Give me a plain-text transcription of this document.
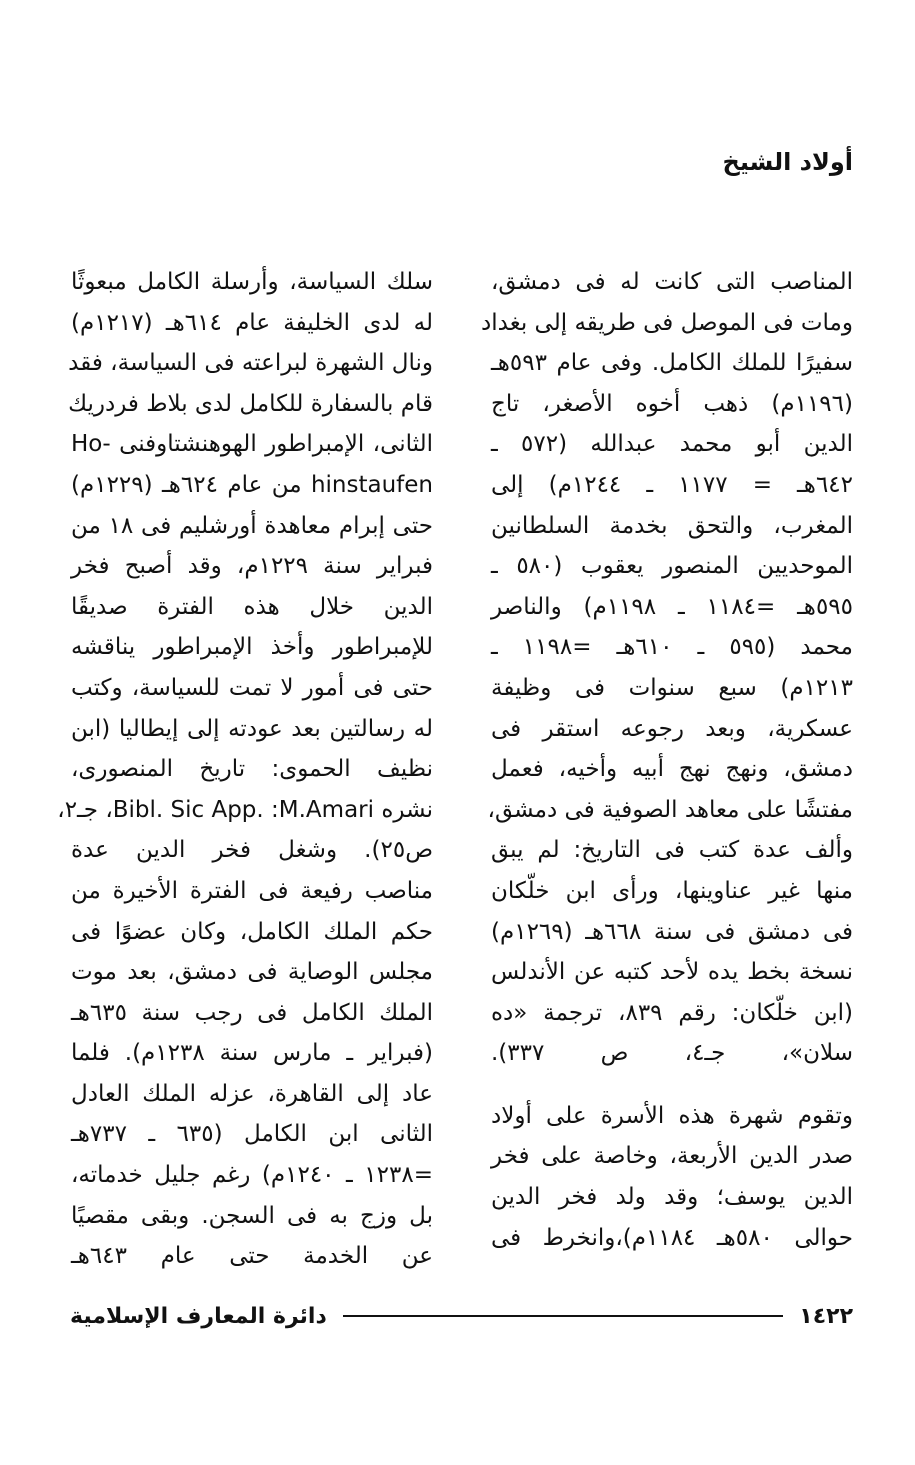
أولاد الشيخ
المناصب التى كانت له فى دمشق،
ومات فى الموصل فى طريقه إلى بغداد
سفيرًا للملك الكامل. وفى عام ٥٩٣هـ
(١١٩٦م) ذهب أخوه الأصغر، تاج
الدين أبو محمد عبدالله (٥٧٢ ـ
٦٤٢هـ = ١١٧٧ ـ ١٢٤٤م) إلى
المغرب، والتحق بخدمة السلطانين
الموحديين المنصور يعقوب (٥٨٠ ـ
٥٩٥هـ =١١٨٤ ـ ١١٩٨م) والناصر
محمد (٥٩٥ ـ ٦١٠هـ =١١٩٨ ـ
١٢١٣م) سبع سنوات فى وظيفة
عسكرية، وبعد رجوعه استقر فى
دمشق، ونهج نهج أبيه وأخيه، فعمل
مفتشًا على معاهد الصوفية فى دمشق،
وألف عدة كتب فى التاريخ: لم يبق
منها غير عناوينها، ورأى ابن خلّكان
فى دمشق فى سنة ٦٦٨هـ (١٢٦٩م)
نسخة بخط يده لأحد كتبه عن الأندلس
(ابن خلّكان: رقم ٨٣٩، ترجمة «ده
سلان»، جـ٤، ص ٣٣٧).
وتقوم شهرة هذه الأسرة على أولاد
صدر الدين الأربعة، وخاصة على فخر
الدين يوسف؛ وقد ولد فخر الدين
حوالى ٥٨٠هـ ١١٨٤م)،وانخرط فى
سلك السياسة، وأرسلة الكامل مبعوثًا
له لدى الخليفة عام ٦١٤هـ (١٢١٧م)
ونال الشهرة لبراعته فى السياسة، فقد
قام بالسفارة للكامل لدى بلاط فردريك
الثانى، الإمبراطور الهوهنشتاوفنى -Ho
hinstaufen من عام ٦٢٤هـ (١٢٢٩م)
حتى إبرام معاهدة أورشليم فى ١٨ من
فبراير سنة ١٢٢٩م، وقد أصبح فخر
الدين خلال هذه الفترة صديقًا
للإمبراطور وأخذ الإمبراطور يناقشه
حتى فى أمور لا تمت للسياسة، وكتب
له رسالتين بعد عودته إلى إيطاليا (ابن
نظيف الحموى: تاريخ المنصورى،
نشره Bibl. Sic App. :M.Amari، جـ٢،
ص٢٥). وشغل فخر الدين عدة
مناصب رفيعة فى الفترة الأخيرة من
حكم الملك الكامل، وكان عضوًا فى
مجلس الوصاية فى دمشق، بعد موت
الملك الكامل فى رجب سنة ٦٣٥هـ
(فبراير ـ مارس سنة ١٢٣٨م). فلما
عاد إلى القاهرة، عزله الملك العادل
الثانى ابن الكامل (٦٣٥ ـ ٧٣٧هـ
=١٢٣٨ ـ ١٢٤٠م) رغم جليل خدماته،
بل وزج به فى السجن. وبقى مقصيًا
عن الخدمة حتى عام ٦٤٣هـ
١٤٢٢
دائرة المعارف الإسلامية
